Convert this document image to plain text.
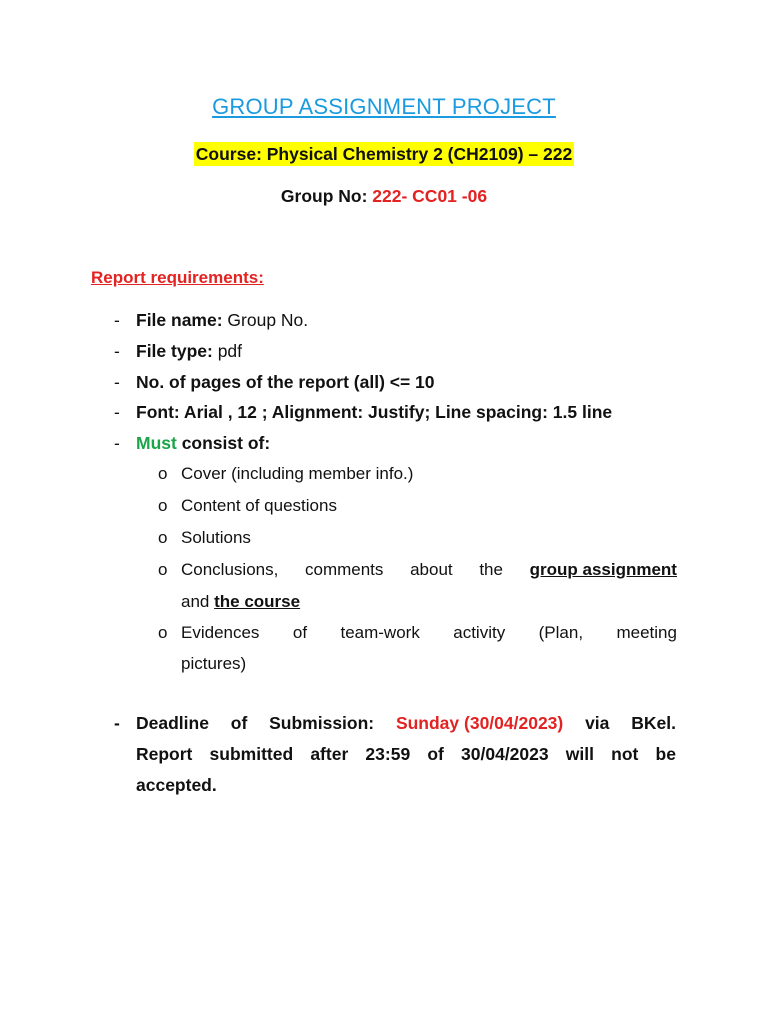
GROUP ASSIGNMENT PROJECT
Course: Physical Chemistry 2 (CH2109) – 222
Group No: 222- CC01 -06
Report requirements:
- File name: Group No.
- File type: pdf
- No. of pages of the report (all) <= 10
- Font: Arial , 12 ; Alignment: Justify; Line spacing: 1.5 line
- Must consist of:
o Cover (including member info.)
o Content of questions
o Solutions
o Conclusions, comments about the group assignment
and the course
o Evidences of team-work activity (Plan, meeting
pictures)
- Deadline of Submission: Sunday (30/04/2023) via BKel.
Report submitted after 23:59 of 30/04/2023 will not be
accepted.
